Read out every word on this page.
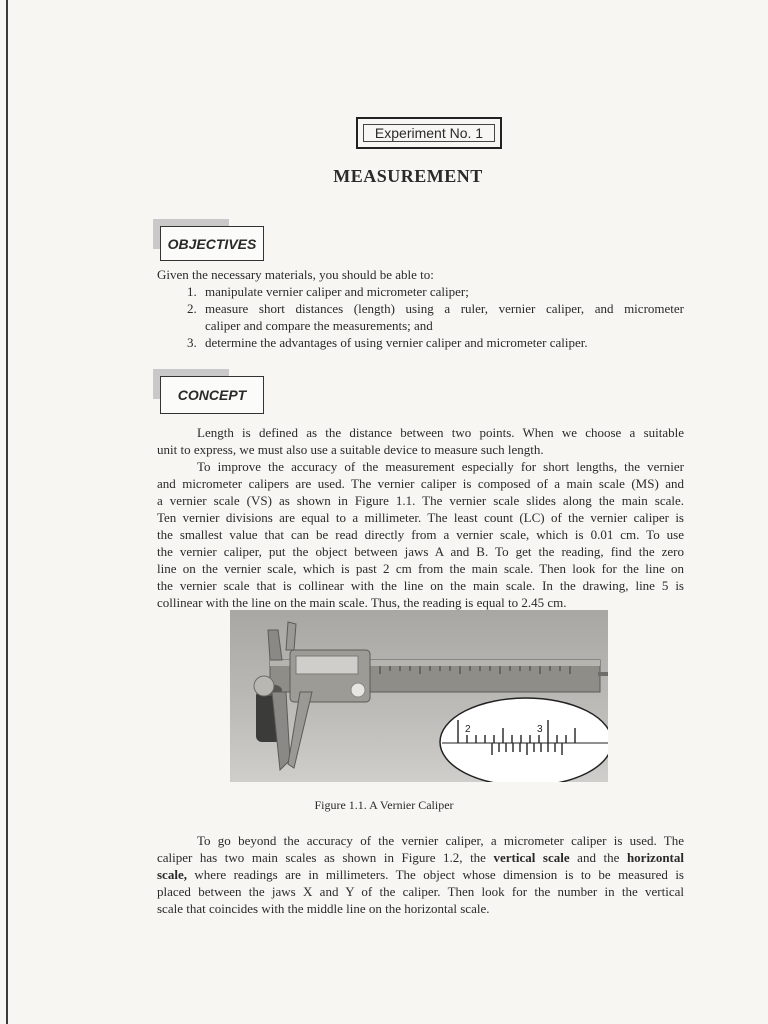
Experiment No. 1
MEASUREMENT
OBJECTIVES
Given the necessary materials, you should be able to:
1. manipulate vernier caliper and micrometer caliper;
2. measure short distances (length) using a ruler, vernier caliper, and micrometer
caliper and compare the measurements; and
3. determine the advantages of using vernier caliper and micrometer caliper.
CONCEPT
Length is defined as the distance between two points. When we choose a suitable
unit to express, we must also use a suitable device to measure such length.
To improve the accuracy of the measurement especially for short lengths, the vernier
and micrometer calipers are used. The vernier caliper is composed of a main scale (MS) and
a vernier scale (VS) as shown in Figure 1.1. The vernier scale slides along the main scale.
Ten vernier divisions are equal to a millimeter. The least count (LC) of the vernier caliper is
the smallest value that can be read directly from a vernier scale, which is 0.01 cm. To use
the vernier caliper, put the object between jaws A and B. To get the reading, find the zero
line on the vernier scale, which is past 2 cm from the main scale. Then look for the line on
the vernier scale that is collinear with the line on the main scale. In the drawing, line 5 is
collinear with the line on the main scale. Thus, the reading is equal to 2.45 cm.
2	3
Figure 1.1. A Vernier Caliper
To go beyond the accuracy of the vernier caliper, a micrometer caliper is used. The
caliper has two main scales as shown in Figure 1.2, the vertical scale and the horizontal
scale, where readings are in millimeters. The object whose dimension is to be measured is
placed between the jaws X and Y of the caliper. Then look for the number in the vertical
scale that coincides with the middle line on the horizontal scale.
